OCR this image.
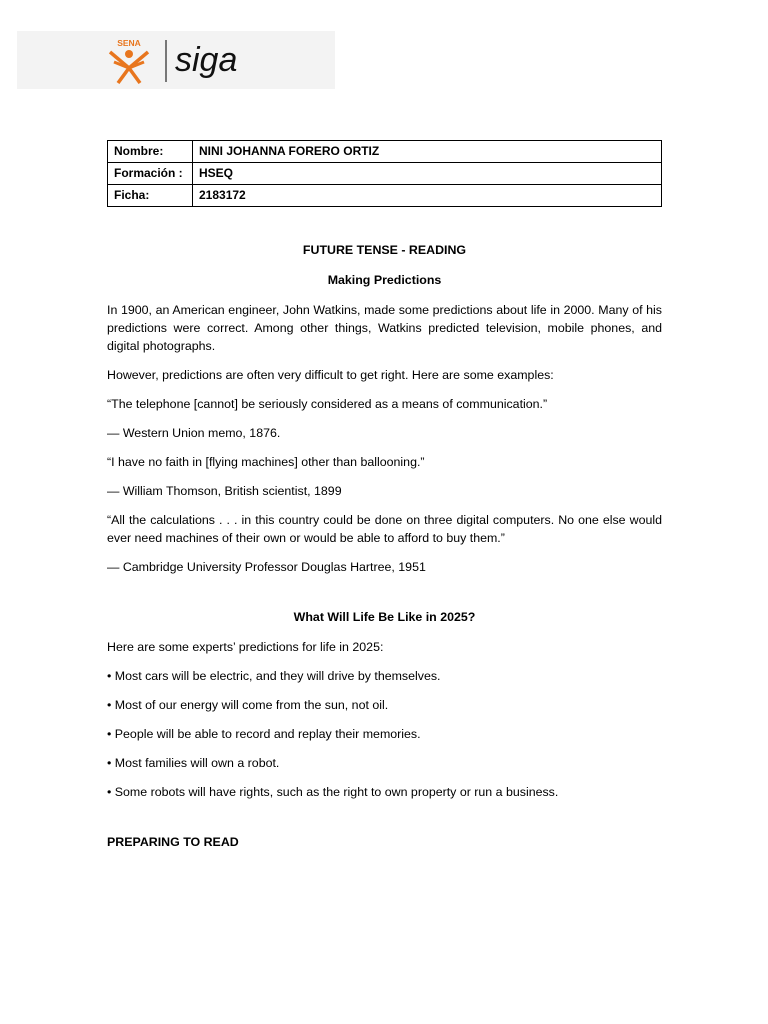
SENA siga
Nombre:	NINI JOHANNA FORERO ORTIZ
Formación :	HSEQ
Ficha:	2183172

FUTURE TENSE - READING

Making Predictions

In 1900, an American engineer, John Watkins, made some predictions about life in 2000. Many of his predictions were correct. Among other things, Watkins predicted television, mobile phones, and digital photographs.

However, predictions are often very difficult to get right. Here are some examples:

“The telephone [cannot] be seriously considered as a means of communication.”

— Western Union memo, 1876.

“I have no faith in [flying machines] other than ballooning.”

— William Thomson, British scientist, 1899

“All the calculations . . . in this country could be done on three digital computers. No one else would ever need machines of their own or would be able to afford to buy them.”

— Cambridge University Professor Douglas Hartree, 1951

What Will Life Be Like in 2025?

Here are some experts’ predictions for life in 2025:

• Most cars will be electric, and they will drive by themselves.

• Most of our energy will come from the sun, not oil.

• People will be able to record and replay their memories.

• Most families will own a robot.

• Some robots will have rights, such as the right to own property or run a business.

PREPARING TO READ
